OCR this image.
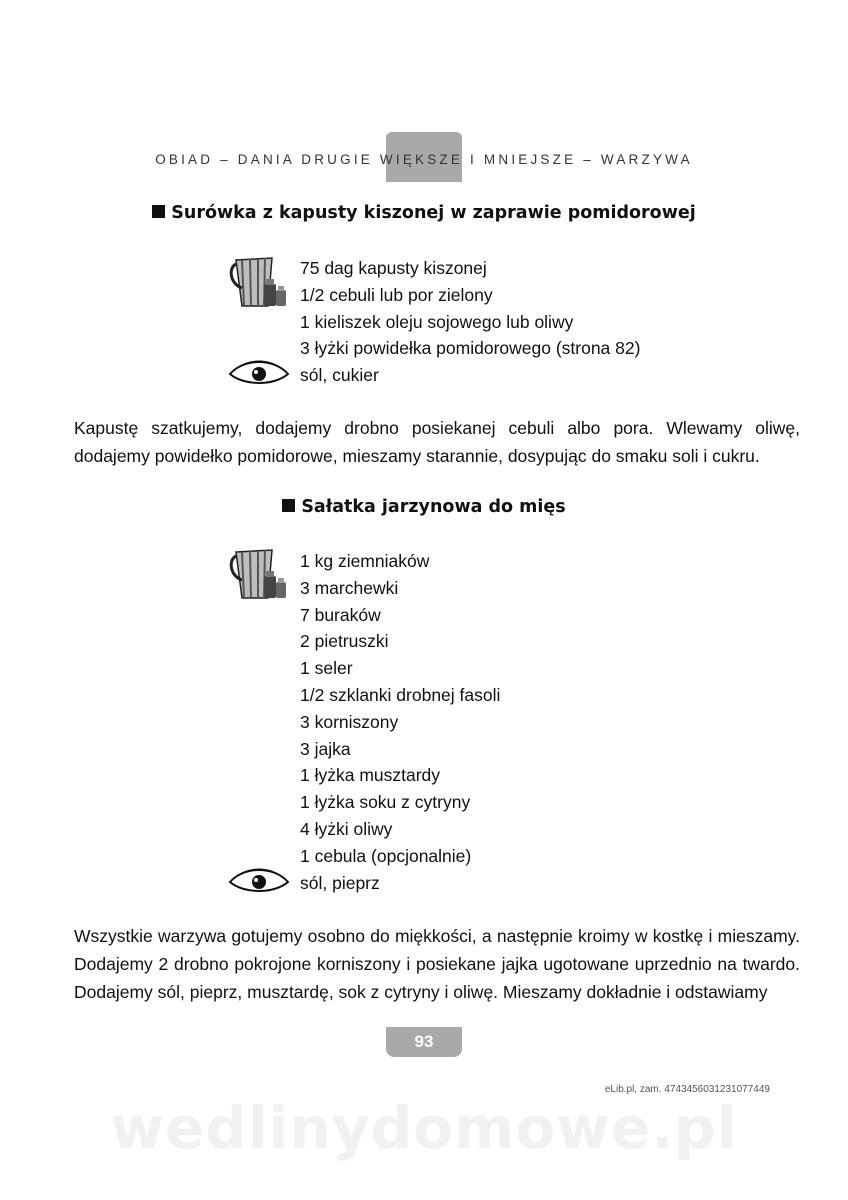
OBIAD – DANIA DRUGIE WIĘKSZE I MNIEJSZE – WARZYWA
Surówka z kapusty kiszonej w zaprawie pomidorowej
75 dag kapusty kiszonej
1/2 cebuli lub por zielony
1 kieliszek oleju sojowego lub oliwy
3 łyżki powidełka pomidorowego (strona 82)
sól, cukier
Kapustę szatkujemy, dodajemy drobno posiekanej cebuli albo pora. Wlewamy oliwę, dodajemy powidełko pomidorowe, mieszamy starannie, dosypując do smaku soli i cukru.
Sałatka jarzynowa do mięs
1 kg ziemniaków
3 marchewki
7 buraków
2 pietruszki
1 seler
1/2 szklanki drobnej fasoli
3 korniszony
3 jajka
1 łyżka musztardy
1 łyżka soku z cytryny
4 łyżki oliwy
1 cebula (opcjonalnie)
sól, pieprz
Wszystkie warzywa gotujemy osobno do miękkości, a następnie kroimy w kostkę i mieszamy. Dodajemy 2 drobno pokrojone korniszony i posiekane jajka ugotowane uprzednio na twardo. Dodajemy sól, pieprz, musztardę, sok z cytryny i oliwę. Mieszamy dokładnie i odstawiamy
93
eLib.pl, zam. 4743456031231077449
wedlinydomowe.pl
